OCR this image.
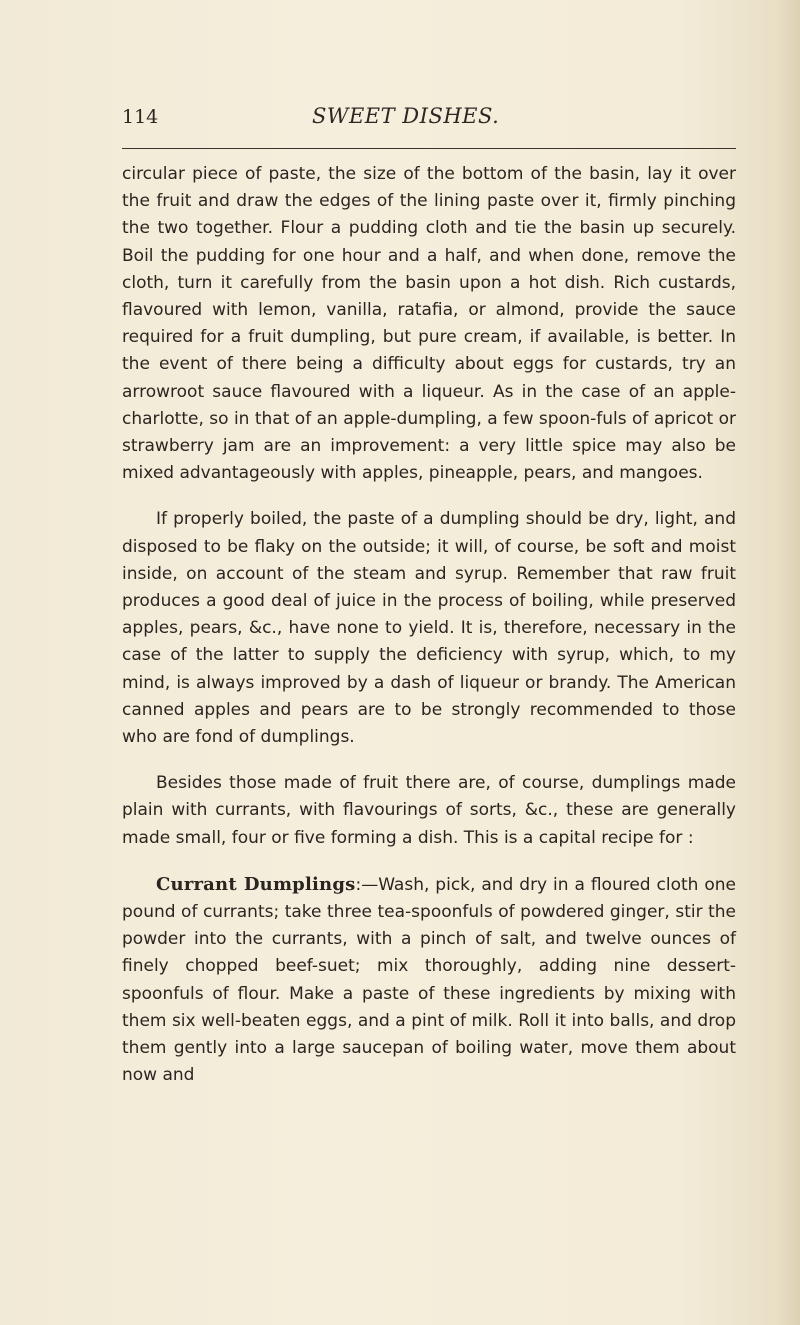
114	SWEET DISHES.

circular piece of paste, the size of the bottom of the basin, lay it over the fruit and draw the edges of the lining paste over it, firmly pinching the two together. Flour a pudding cloth and tie the basin up securely. Boil the pudding for one hour and a half, and when done, remove the cloth, turn it carefully from the basin upon a hot dish. Rich custards, flavoured with lemon, vanilla, ratafia, or almond, provide the sauce required for a fruit dumpling, but pure cream, if available, is better. In the event of there being a difficulty about eggs for custards, try an arrowroot sauce flavoured with a liqueur. As in the case of an apple-charlotte, so in that of an apple-dumpling, a few spoon-fuls of apricot or strawberry jam are an improvement: a very little spice may also be mixed advantageously with apples, pineapple, pears, and mangoes.

If properly boiled, the paste of a dumpling should be dry, light, and disposed to be flaky on the outside; it will, of course, be soft and moist inside, on account of the steam and syrup. Remember that raw fruit produces a good deal of juice in the process of boiling, while preserved apples, pears, &c., have none to yield. It is, therefore, necessary in the case of the latter to supply the deficiency with syrup, which, to my mind, is always improved by a dash of liqueur or brandy. The American canned apples and pears are to be strongly recommended to those who are fond of dumplings.

Besides those made of fruit there are, of course, dumplings made plain with currants, with flavourings of sorts, &c., these are generally made small, four or five forming a dish. This is a capital recipe for :

Currant Dumplings:—Wash, pick, and dry in a floured cloth one pound of currants; take three tea-spoonfuls of powdered ginger, stir the powder into the currants, with a pinch of salt, and twelve ounces of finely chopped beef-suet; mix thoroughly, adding nine dessert-spoonfuls of flour. Make a paste of these ingredients by mixing with them six well-beaten eggs, and a pint of milk. Roll it into balls, and drop them gently into a large saucepan of boiling water, move them about now and
